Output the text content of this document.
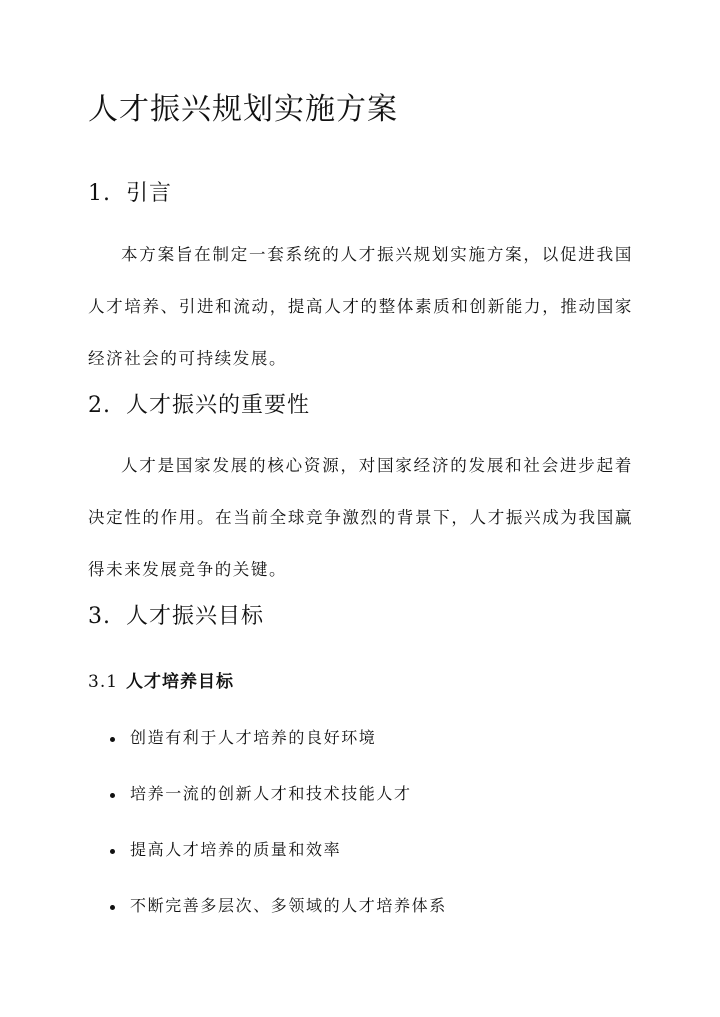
人才振兴规划实施方案
1. 引言

本方案旨在制定一套系统的人才振兴规划实施方案，以促进我国人才培养、引进和流动，提高人才的整体素质和创新能力，推动国家经济社会的可持续发展。

2. 人才振兴的重要性

人才是国家发展的核心资源，对国家经济的发展和社会进步起着决定性的作用。在当前全球竞争激烈的背景下，人才振兴成为我国赢得未来发展竞争的关键。

3. 人才振兴目标
3.1 人才培养目标
创造有利于人才培养的良好环境
培养一流的创新人才和技术技能人才
提高人才培养的质量和效率
不断完善多层次、多领域的人才培养体系
